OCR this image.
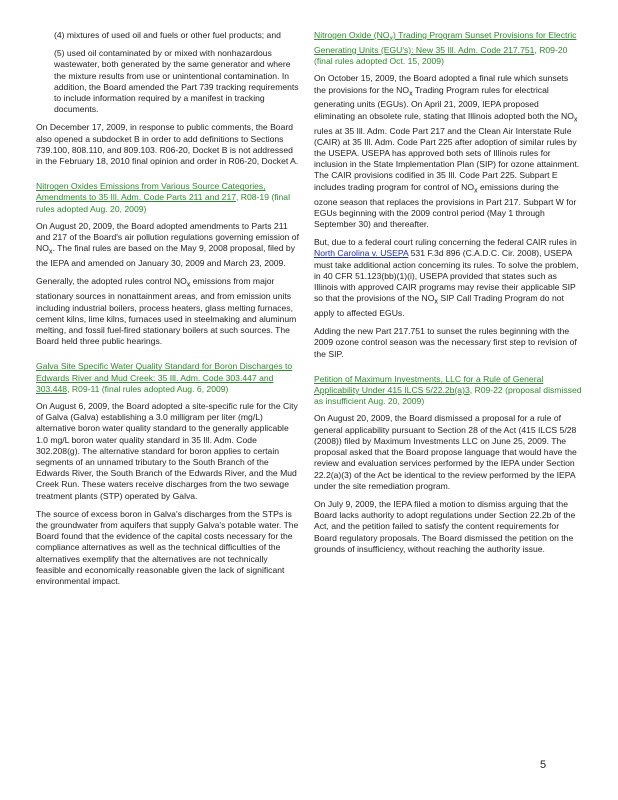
(4) mixtures of used oil and fuels or other fuel products; and

(5) used oil contaminated by or mixed with nonhazardous wastewater, both generated by the same generator and where the mixture results from use or unintentional contamination. In addition, the Board amended the Part 739 tracking requirements to include information required by a manifest in tracking documents.

On December 17, 2009, in response to public comments, the Board also opened a subdocket B in order to add definitions to Sections 739.100, 808.110, and 809.103. R06-20, Docket B is not addressed in the February 18, 2010 final opinion and order in R06-20, Docket A.

Nitrogen Oxides Emissions from Various Source Categories, Amendments to 35 Ill. Adm. Code Parts 211 and 217, R08-19 (final rules adopted Aug. 20, 2009)

On August 20, 2009, the Board adopted amendments to Parts 211 and 217 of the Board's air pollution regulations governing emission of $NO_x$. The final rules are based on the May 9, 2008 proposal, filed by the IEPA and amended on January 30, 2009 and March 23, 2009.

Generally, the adopted rules control $NO_x$ emissions from major stationary sources in nonattainment areas, and from emission units including industrial boilers, process heaters, glass melting furnaces, cement kilns, lime kilns, furnaces used in steelmaking and aluminum melting, and fossil fuel-fired stationary boilers at such sources. The Board held three public hearings.

Galva Site Specific Water Quality Standard for Boron Discharges to Edwards River and Mud Creek: 35 Ill. Adm. Code 303.447 and 303.448, R09-11 (final rules adopted Aug. 6, 2009)

On August 6, 2009, the Board adopted a site-specific rule for the City of Galva (Galva) establishing a 3.0 milligram per liter (mg/L) alternative boron water quality standard to the generally applicable 1.0 mg/L boron water quality standard in 35 Ill. Adm. Code 302.208(g). The alternative standard for boron applies to certain segments of an unnamed tributary to the South Branch of the Edwards River, the South Branch of the Edwards River, and the Mud Creek Run. These waters receive discharges from the two sewage treatment plants (STP) operated by Galva.

The source of excess boron in Galva's discharges from the STPs is the groundwater from aquifers that supply Galva's potable water. The Board found that the evidence of the capital costs necessary for the compliance alternatives as well as the technical difficulties of the alternatives exemplify that the alternatives are not technically feasible and economically reasonable given the lack of significant environmental impact.

Nitrogen Oxide $(NO_x)$ Trading Program Sunset Provisions for Electric Generating Units (EGU's): New 35 Ill. Adm. Code 217.751, R09-20 (final rules adopted Oct. 15, 2009)

On October 15, 2009, the Board adopted a final rule which sunsets the provisions for the $NO_x$ Trading Program rules for electrical generating units (EGUs). On April 21, 2009, IEPA proposed eliminating an obsolete rule, stating that Illinois adopted both the $NO_x$ rules at 35 Ill. Adm. Code Part 217 and the Clean Air Interstate Rule (CAIR) at 35 Ill. Adm. Code Part 225 after adoption of similar rules by the USEPA. USEPA has approved both sets of Illinois rules for inclusion in the State Implementation Plan (SIP) for ozone attainment. The CAIR provisions codified in 35 Ill. Code Part 225. Subpart E includes trading program for control of $NO_x$ emissions during the ozone season that replaces the provisions in Part 217. Subpart W for EGUs beginning with the 2009 control period (May 1 through September 30) and thereafter.

But, due to a federal court ruling concerning the federal CAIR rules in North Carolina v. USEPA 531 F.3d 896 (C.A.D.C. Cir. 2008), USEPA must take additional action concerning its rules. To solve the problem, in 40 CFR 51.123(bb)(1)(i), USEPA provided that states such as Illinois with approved CAIR programs may revise their applicable SIP so that the provisions of the $NO_x$ SIP Call Trading Program do not apply to affected EGUs.

Adding the new Part 217.751 to sunset the rules beginning with the 2009 ozone control season was the necessary first step to revision of the SIP.

Petition of Maximum Investments, LLC for a Rule of General Applicability Under 415 ILCS 5/22.2b(a)3, R09-22 (proposal dismissed as insufficient Aug. 20, 2009)

On August 20, 2009, the Board dismissed a proposal for a rule of general applicability pursuant to Section 28 of the Act (415 ILCS 5/28 (2008)) filed by Maximum Investments LLC on June 25, 2009. The proposal asked that the Board propose language that would have the review and evaluation services performed by the IEPA under Section 22.2(a)(3) of the Act be identical to the review performed by the IEPA under the site remediation program.

On July 9, 2009, the IEPA filed a motion to dismiss arguing that the Board lacks authority to adopt regulations under Section 22.2b of the Act, and the petition failed to satisfy the content requirements for Board regulatory proposals. The Board dismissed the petition on the grounds of insufficiency, without reaching the authority issue.

5
